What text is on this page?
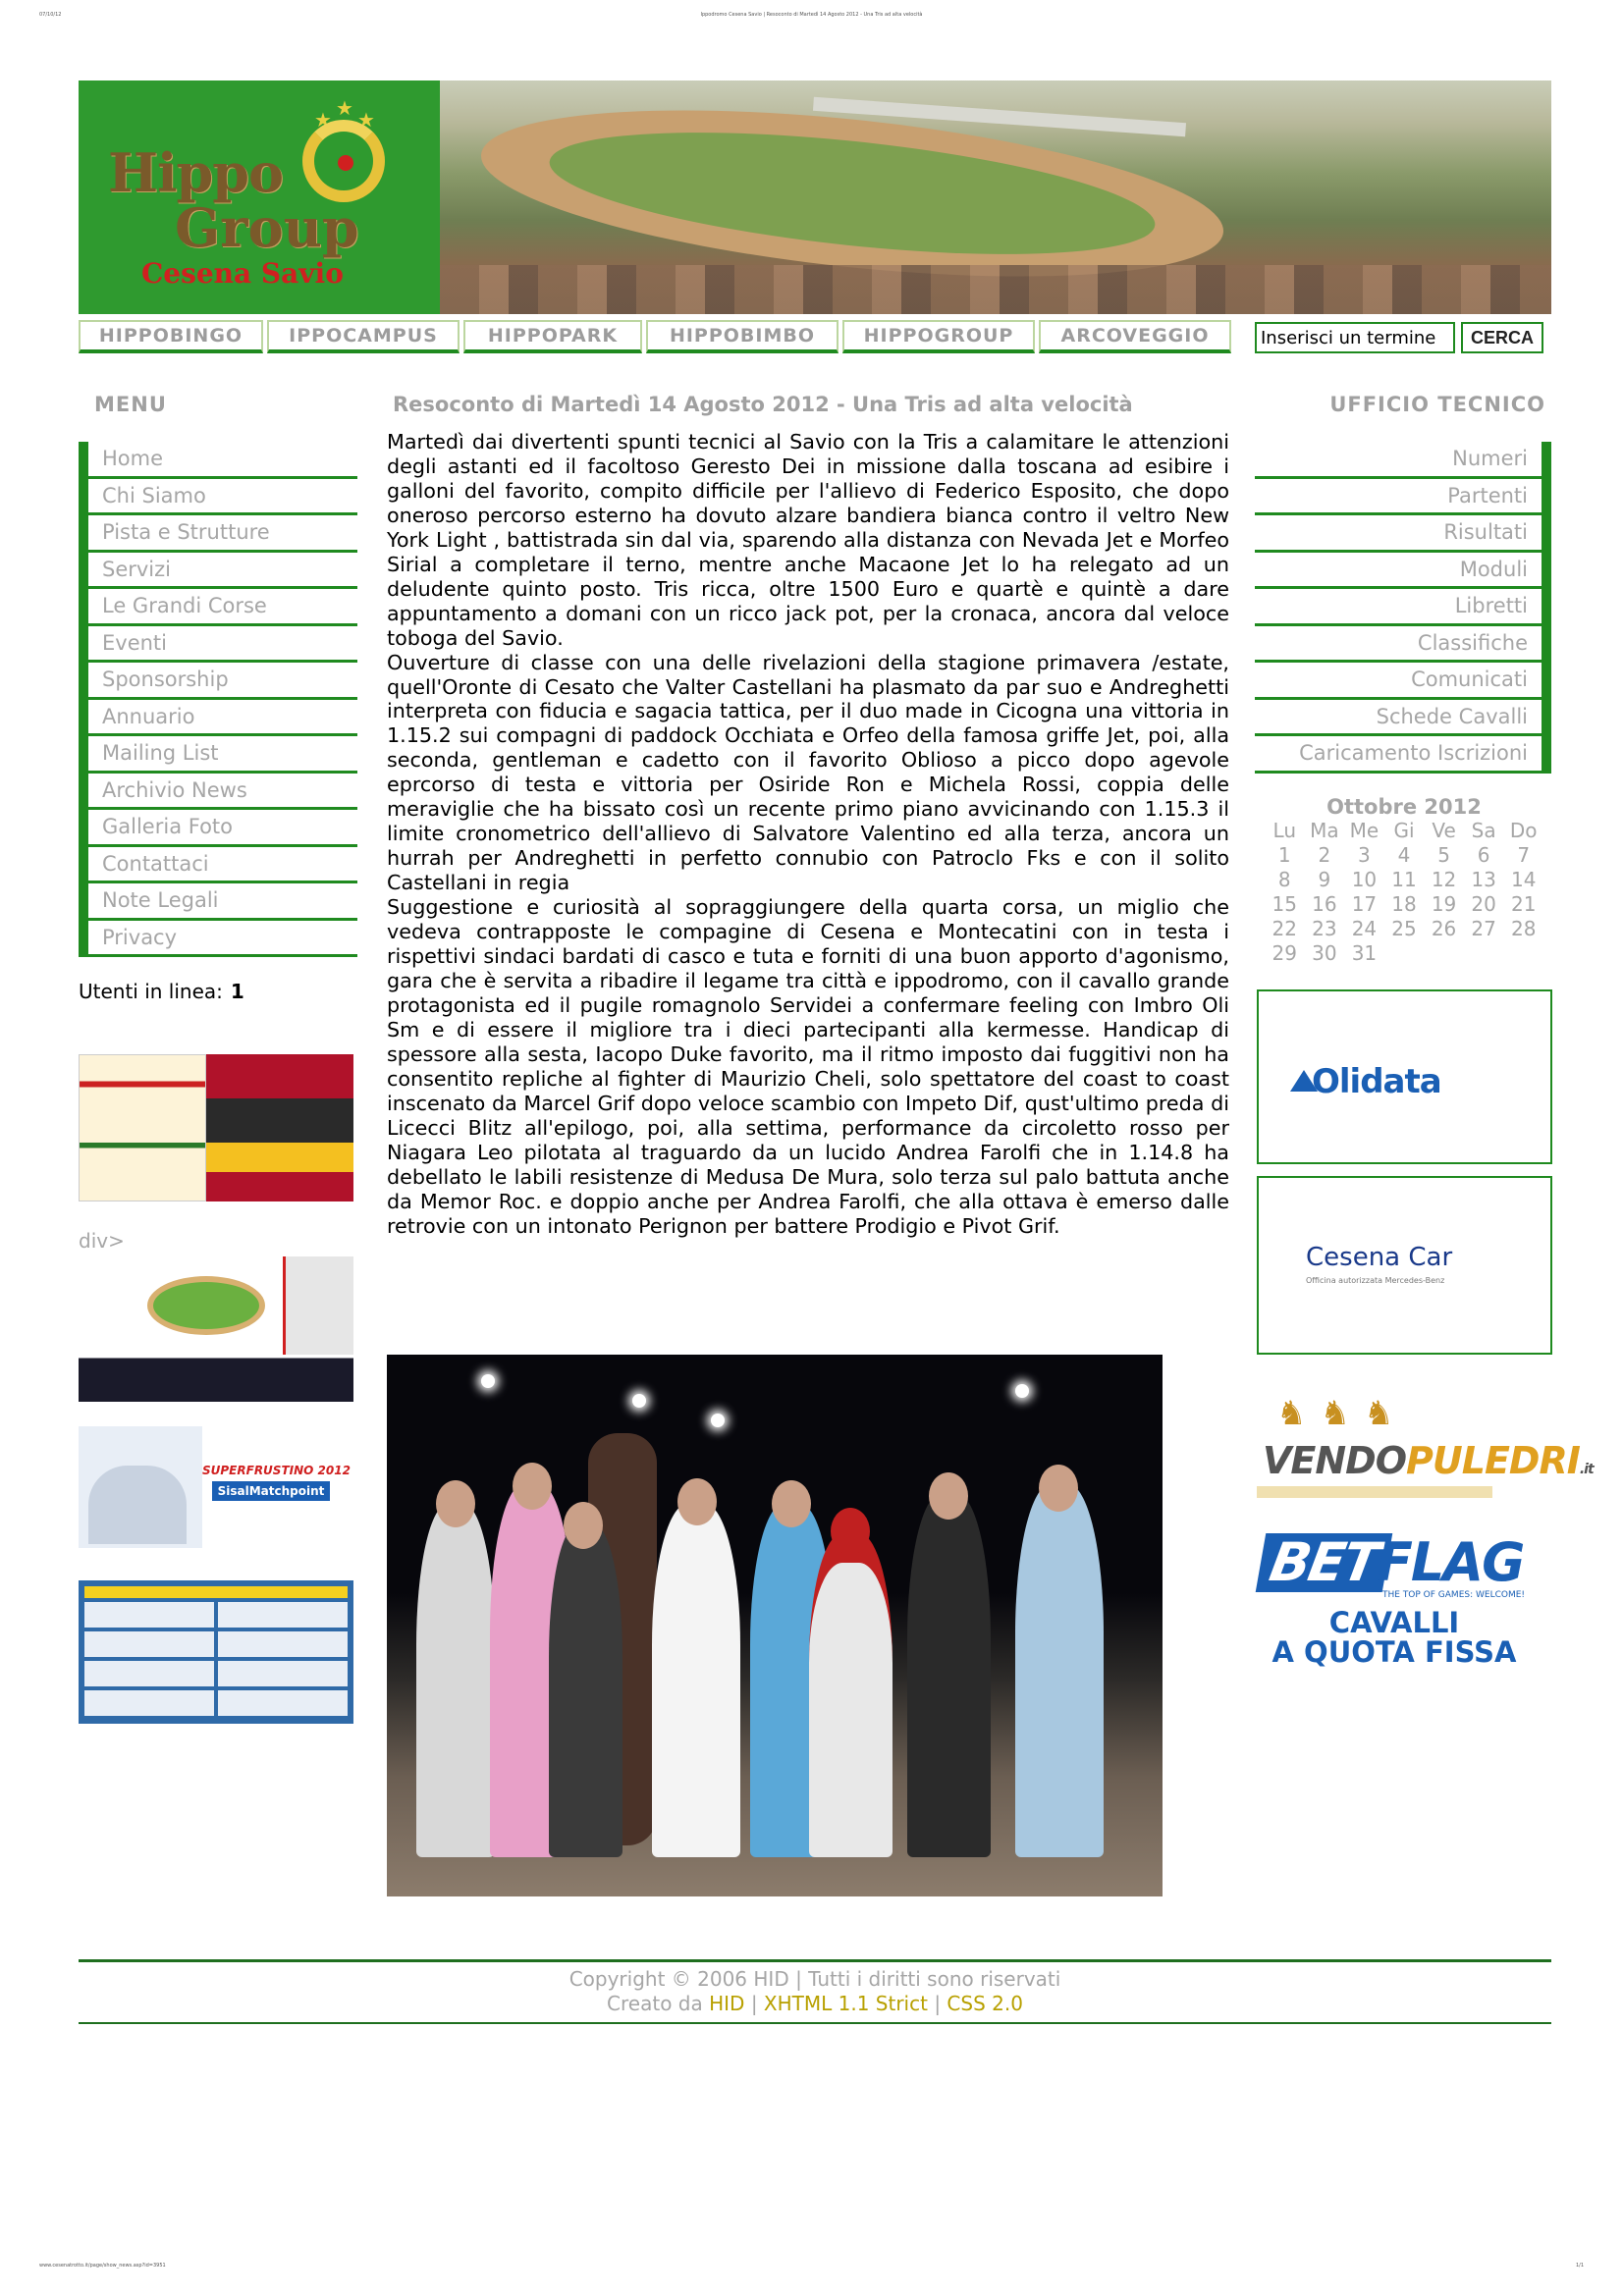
07/10/12	Ippodromo Cesena Savio | Resoconto di Martedì 14 Agosto 2012 - Una Tris ad alta velocità
www.cesenatrotto.it/page/show_news.asp?id=3951	1/1
★ ★ ★
Hippo
Group
Cesena Savio
HIPPOBINGO	IPPOCAMPUS	HIPPOPARK	HIPPOBIMBO	HIPPOGROUP	ARCOVEGGIO
Inserisci un termine	CERCA
MENU	Resoconto di Martedì 14 Agosto 2012 - Una Tris ad alta velocità	UFFICIO TECNICO
Home
Chi Siamo
Pista e Strutture
Servizi
Le Grandi Corse
Eventi
Sponsorship
Annuario
Mailing List
Archivio News
Galleria Foto
Contattaci
Note Legali
Privacy
Utenti in linea: 1
div>
SUPERFRUSTINO 2012
SisalMatchpoint

Martedì dai divertenti spunti tecnici al Savio con la Tris a calamitare le attenzioni degli astanti ed il facoltoso Geresto Dei in missione dalla toscana ad esibire i galloni del favorito, compito difficile per l'allievo di Federico Esposito, che dopo oneroso percorso esterno ha dovuto alzare bandiera bianca contro il veltro New York Light , battistrada sin dal via, sparendo alla distanza con Nevada Jet e Morfeo Sirial a completare il terno, mentre anche Macaone Jet lo ha relegato ad un deludente quinto posto. Tris ricca, oltre 1500 Euro e quartè e quintè a dare appuntamento a domani con un ricco jack pot, per la cronaca, ancora dal veloce toboga del Savio.

Ouverture di classe con una delle rivelazioni della stagione primavera /estate, quell'Oronte di Cesato che Valter Castellani ha plasmato da par suo e Andreghetti interpreta con fiducia e sagacia tattica, per il duo made in Cicogna una vittoria in 1.15.2 sui compagni di paddock Occhiata e Orfeo della famosa griffe Jet, poi, alla seconda, gentleman e cadetto con il favorito Oblioso a picco dopo agevole eprcorso di testa e vittoria per Osiride Ron e Michela Rossi, coppia delle meraviglie che ha bissato così un recente primo piano avvicinando con 1.15.3 il limite cronometrico dell'allievo di Salvatore Valentino ed alla terza, ancora un hurrah per Andreghetti in perfetto connubio con Patroclo Fks e con il solito Castellani in regia

Suggestione e curiosità al sopraggiungere della quarta corsa, un miglio che vedeva contrapposte le compagine di Cesena e Montecatini con in testa i rispettivi sindaci bardati di casco e tuta e forniti di una buon apporto d'agonismo, gara che è servita a ribadire il legame tra città e ippodromo, con il cavallo grande protagonista ed il pugile romagnolo Servidei a confermare feeling con Imbro Oli Sm e di essere il migliore tra i dieci partecipanti alla kermesse. Handicap di spessore alla sesta, Iacopo Duke favorito, ma il ritmo imposto dai fuggitivi non ha consentito repliche al fighter di Maurizio Cheli, solo spettatore del coast to coast inscenato da Marcel Grif dopo veloce scambio con Impeto Dif, qust'ultimo preda di Licecci Blitz all'epilogo, poi, alla settima, performance da circoletto rosso per Niagara Leo pilotata al traguardo da un lucido Andrea Farolfi che in 1.14.8 ha debellato le labili resistenze di Medusa De Mura, solo terza sul palo battuta anche da Memor Roc. e doppio anche per Andrea Farolfi, che alla ottava è emerso dalle retrovie con un intonato Perignon per battere Prodigio e Pivot Grif.

Numeri
Partenti
Risultati
Moduli
Libretti
Classifiche
Comunicati
Schede Cavalli
Caricamento Iscrizioni
Ottobre 2012
Lu Ma Me Gi Ve Sa Do
1	2	3	4	5	6	7
8	9	10 11 12 13 14
15 16 17 18 19 20 21
22 23 24 25 26 27 28
29 30 31
Olidata
Cesena Car
Officina autorizzata Mercedes-Benz
♞♞♞
VENDOPULEDRI.it
BET
FLAG
THE TOP OF GAMES: WELCOME!
CAVALLI
A QUOTA FISSA
Copyright © 2006 HID | Tutti i diritti sono riservati
Creato da HID | XHTML 1.1 Strict | CSS 2.0
